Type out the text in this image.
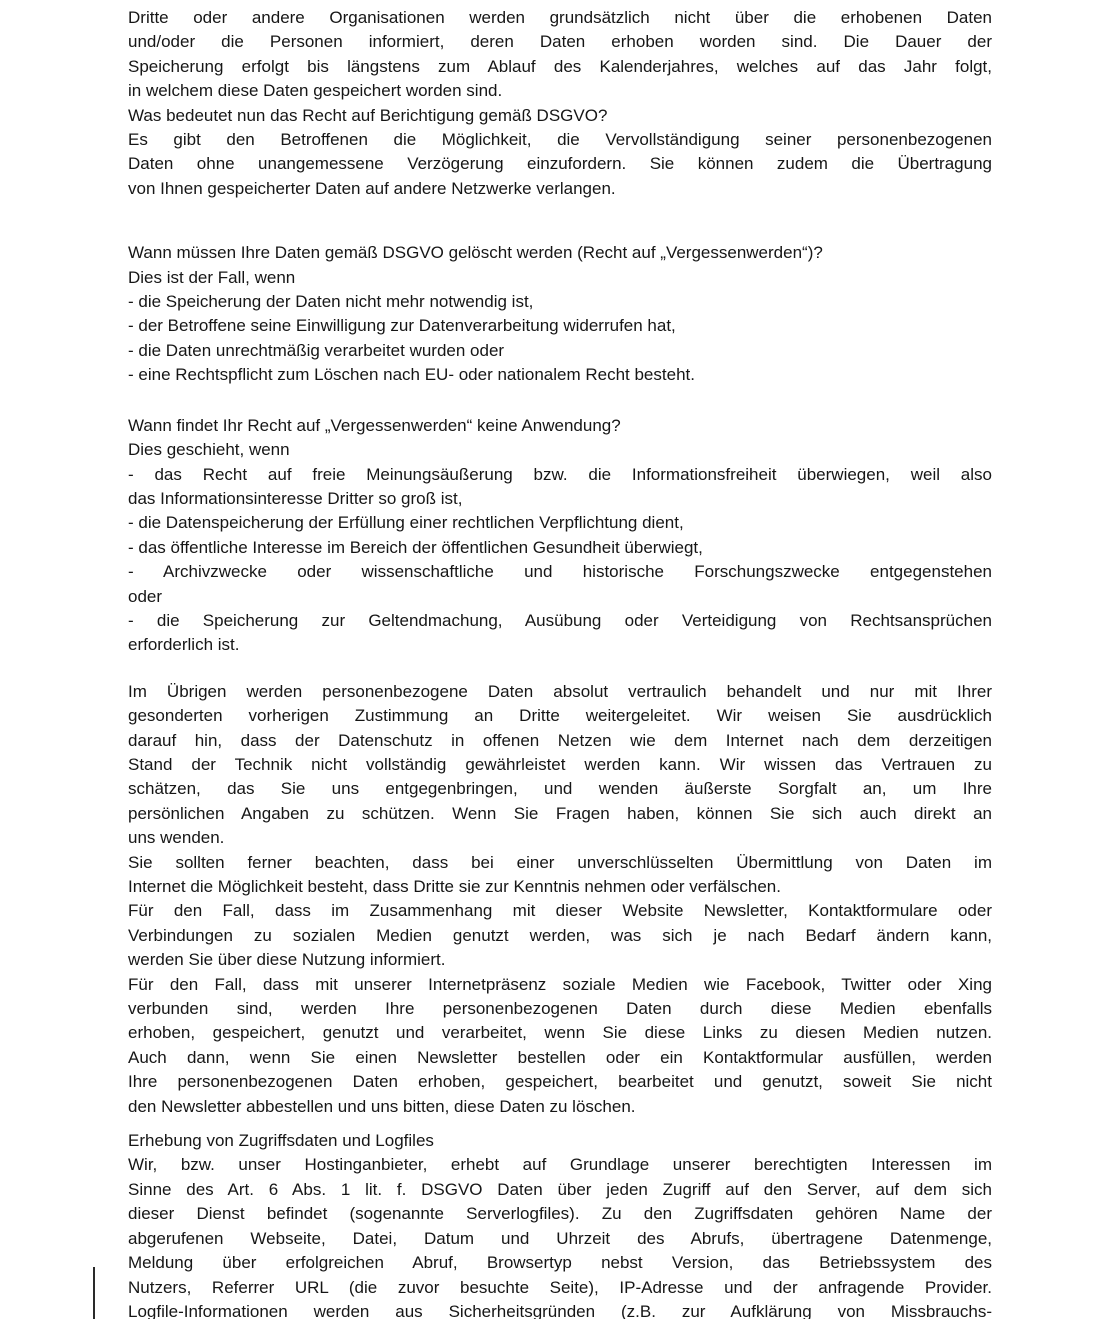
Dritte oder andere Organisationen werden grundsätzlich nicht über die erhobenen Daten
und/oder die Personen informiert, deren Daten erhoben worden sind. Die Dauer der
Speicherung erfolgt bis längstens zum Ablauf des Kalenderjahres, welches auf das Jahr folgt,
in welchem diese Daten gespeichert worden sind.
Was bedeutet nun das Recht auf Berichtigung gemäß DSGVO?
Es gibt den Betroffenen die Möglichkeit, die Vervollständigung seiner personenbezogenen
Daten ohne unangemessene Verzögerung einzufordern. Sie können zudem die Übertragung
von Ihnen gespeicherter Daten auf andere Netzwerke verlangen.
Wann müssen Ihre Daten gemäß DSGVO gelöscht werden (Recht auf „Vergessenwerden“)?
Dies ist der Fall, wenn
- die Speicherung der Daten nicht mehr notwendig ist,
- der Betroffene seine Einwilligung zur Datenverarbeitung widerrufen hat,
- die Daten unrechtmäßig verarbeitet wurden oder
- eine Rechtspflicht zum Löschen nach EU- oder nationalem Recht besteht.
Wann findet Ihr Recht auf „Vergessenwerden“ keine Anwendung?
Dies geschieht, wenn
- das Recht auf freie Meinungsäußerung bzw. die Informationsfreiheit überwiegen, weil also
das Informationsinteresse Dritter so groß ist,
- die Datenspeicherung der Erfüllung einer rechtlichen Verpflichtung dient,
- das öffentliche Interesse im Bereich der öffentlichen Gesundheit überwiegt,
- Archivzwecke oder wissenschaftliche und historische Forschungszwecke entgegenstehen
oder
- die Speicherung zur Geltendmachung, Ausübung oder Verteidigung von Rechtsansprüchen
erforderlich ist.
Im Übrigen werden personenbezogene Daten absolut vertraulich behandelt und nur mit Ihrer
gesonderten vorherigen Zustimmung an Dritte weitergeleitet. Wir weisen Sie ausdrücklich
darauf hin, dass der Datenschutz in offenen Netzen wie dem Internet nach dem derzeitigen
Stand der Technik nicht vollständig gewährleistet werden kann. Wir wissen das Vertrauen zu
schätzen, das Sie uns entgegenbringen, und wenden äußerste Sorgfalt an, um Ihre
persönlichen Angaben zu schützen. Wenn Sie Fragen haben, können Sie sich auch direkt an
uns wenden.
Sie sollten ferner beachten, dass bei einer unverschlüsselten Übermittlung von Daten im
Internet die Möglichkeit besteht, dass Dritte sie zur Kenntnis nehmen oder verfälschen.
Für den Fall, dass im Zusammenhang mit dieser Website Newsletter, Kontaktformulare oder
Verbindungen zu sozialen Medien genutzt werden, was sich je nach Bedarf ändern kann,
werden Sie über diese Nutzung informiert.
Für den Fall, dass mit unserer Internetpräsenz soziale Medien wie Facebook, Twitter oder Xing
verbunden sind, werden Ihre personenbezogenen Daten durch diese Medien ebenfalls
erhoben, gespeichert, genutzt und verarbeitet, wenn Sie diese Links zu diesen Medien nutzen.
Auch dann, wenn Sie einen Newsletter bestellen oder ein Kontaktformular ausfüllen, werden
Ihre personenbezogenen Daten erhoben, gespeichert, bearbeitet und genutzt, soweit Sie nicht
den Newsletter abbestellen und uns bitten, diese Daten zu löschen.
Erhebung von Zugriffsdaten und Logfiles
Wir, bzw. unser Hostinganbieter, erhebt auf Grundlage unserer berechtigten Interessen im
Sinne des Art. 6 Abs. 1 lit. f. DSGVO Daten über jeden Zugriff auf den Server, auf dem sich
dieser Dienst befindet (sogenannte Serverlogfiles). Zu den Zugriffsdaten gehören Name der
abgerufenen Webseite, Datei, Datum und Uhrzeit des Abrufs, übertragene Datenmenge,
Meldung über erfolgreichen Abruf, Browsertyp nebst Version, das Betriebssystem des
Nutzers, Referrer URL (die zuvor besuchte Seite), IP-Adresse und der anfragende Provider.
Logfile-Informationen werden aus Sicherheitsgründen (z.B. zur Aufklärung von Missbrauchs-
